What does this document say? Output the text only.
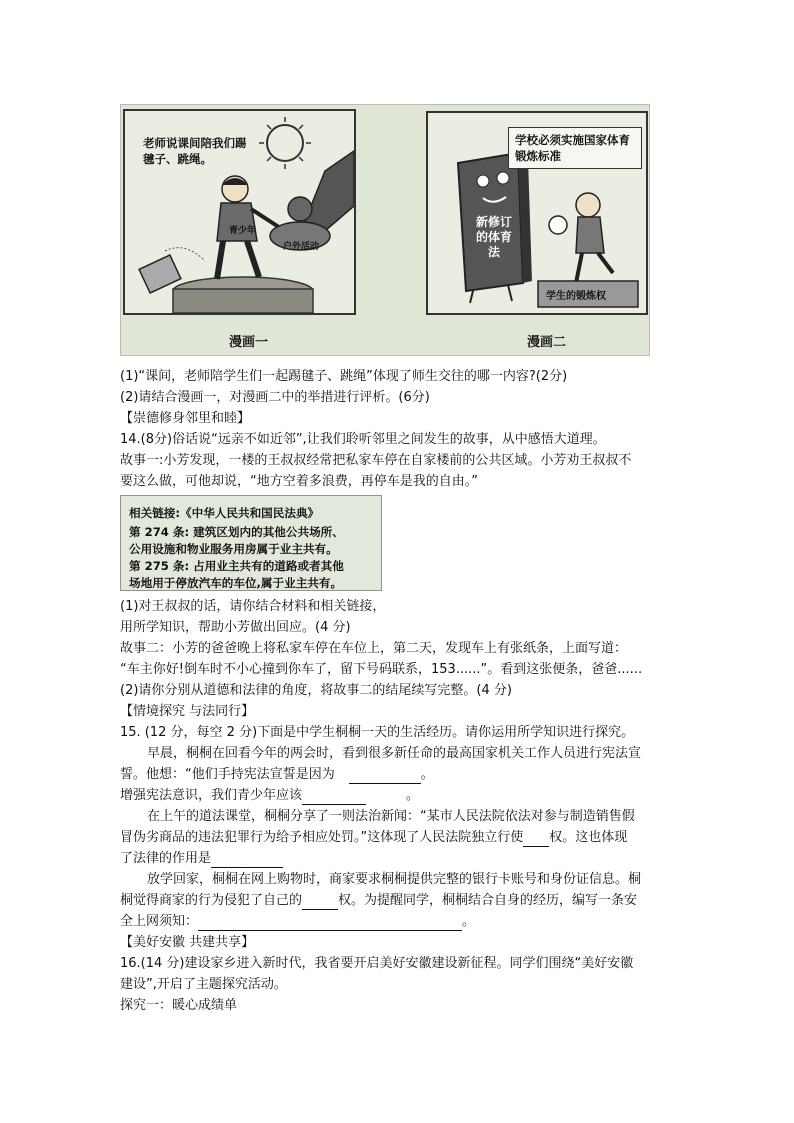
老师说课间陪我们踢毽子、跳绳。
青少年
户外活动
学校必须实施国家体育锻炼标准
新修订的体育法
学生的锻炼权
漫画一	漫画二
(1)“课间，老师陪学生们一起踢毽子、跳绳”体现了师生交往的哪一内容?(2分)
(2)请结合漫画一，对漫画二中的举措进行评析。(6分)
【崇德修身邻里和睦】
14.(8分)俗话说“远亲不如近邻”,让我们聆听邻里之间发生的故事，从中感悟大道理。
故事一:小芳发现，一楼的王叔叔经常把私家车停在自家楼前的公共区域。小芳劝王叔叔不
要这么做，可他却说，“地方空着多浪费，再停车是我的自由。”
相关链接:《中华人民共和国民法典》
第 274 条: 建筑区划内的其他公共场所、
公用设施和物业服务用房属于业主共有。
第 275 条: 占用业主共有的道路或者其他
场地用于停放汽车的车位,属于业主共有。
(1)对王叔叔的话，请你结合材料和相关链接，
用所学知识，帮助小芳做出回应。(4 分)
故事二：小芳的爸爸晚上将私家车停在车位上，第二天，发现车上有张纸条，上面写道：
“车主你好!倒车时不小心撞到你车了，留下号码联系，153......”。看到这张便条，爸爸......
(2)请你分别从道德和法律的角度，将故事二的结尾续写完整。(4 分)
【情境探究 与法同行】
15. (12 分，每空 2 分)下面是中学生桐桐一天的生活经历。请你运用所学知识进行探究。
早晨，桐桐在回看今年的两会时，看到很多新任命的最高国家机关工作人员进行宪法宣
誓。他想：“他们手持宪法宣誓是因为	。
增强宪法意识，我们青少年应该	。
在上午的道法课堂，桐桐分享了一则法治新闻：“某市人民法院依法对参与制造销售假
冒伪劣商品的违法犯罪行为给予相应处罚。”这体现了人民法院独立行使 权。这也体现
了法律的作用是
放学回家，桐桐在网上购物时，商家要求桐桐提供完整的银行卡账号和身份证信息。桐
桐觉得商家的行为侵犯了自己的	权。为提醒同学，桐桐结合自身的经历，编写一条安
全上网须知：	。
【美好安徽 共建共享】
16.(14 分)建设家乡进入新时代，我省要开启美好安徽建设新征程。同学们围绕“美好安徽
建设”,开启了主题探究活动。
探究一：暖心成绩单
